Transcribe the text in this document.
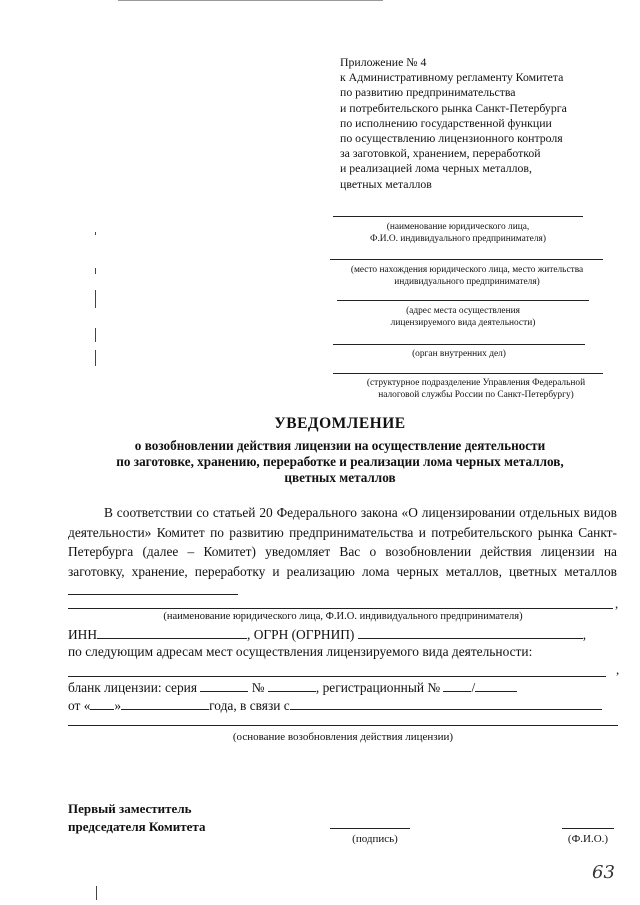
Приложение № 4
к Административному регламенту Комитета
по развитию предпринимательства
и потребительского рынка Санкт-Петербурга
по исполнению государственной функции
по осуществлению лицензионного контроля
за заготовкой, хранением, переработкой
и реализацией лома черных металлов,
цветных металлов
(наименование юридического лица,
Ф.И.О. индивидуального предпринимателя)
(место нахождения юридического лица, место жительства
индивидуального предпринимателя)
(адрес места осуществления
лицензируемого вида деятельности)
(орган внутренних дел)
(структурное подразделение Управления Федеральной
налоговой службы России по Санкт-Петербургу)
УВЕДОМЛЕНИЕ
о возобновлении действия лицензии на осуществление деятельности
по заготовке, хранению, переработке и реализации лома черных металлов,
цветных металлов
В соответствии со статьей 20 Федерального закона «О лицензировании отдельных видов деятельности» Комитет по развитию предпринимательства и потребительского рынка Санкт-Петербурга (далее – Комитет) уведомляет Вас о возобновлении действия лицензии на заготовку, хранение, переработку и реализацию лома черных металлов, цветных металлов
,
(наименование юридического лица, Ф.И.О. индивидуального предпринимателя)
ИНН	, ОГРН (ОГРНИП)	,
по следующим адресам мест осуществления лицензируемого вида деятельности:
,
бланк лицензии: серия	№	, регистрационный № /
от « »	года, в связи с
(основание возобновления действия лицензии)
Первый заместитель
председателя Комитета
(подпись)	(Ф.И.О.)
63
